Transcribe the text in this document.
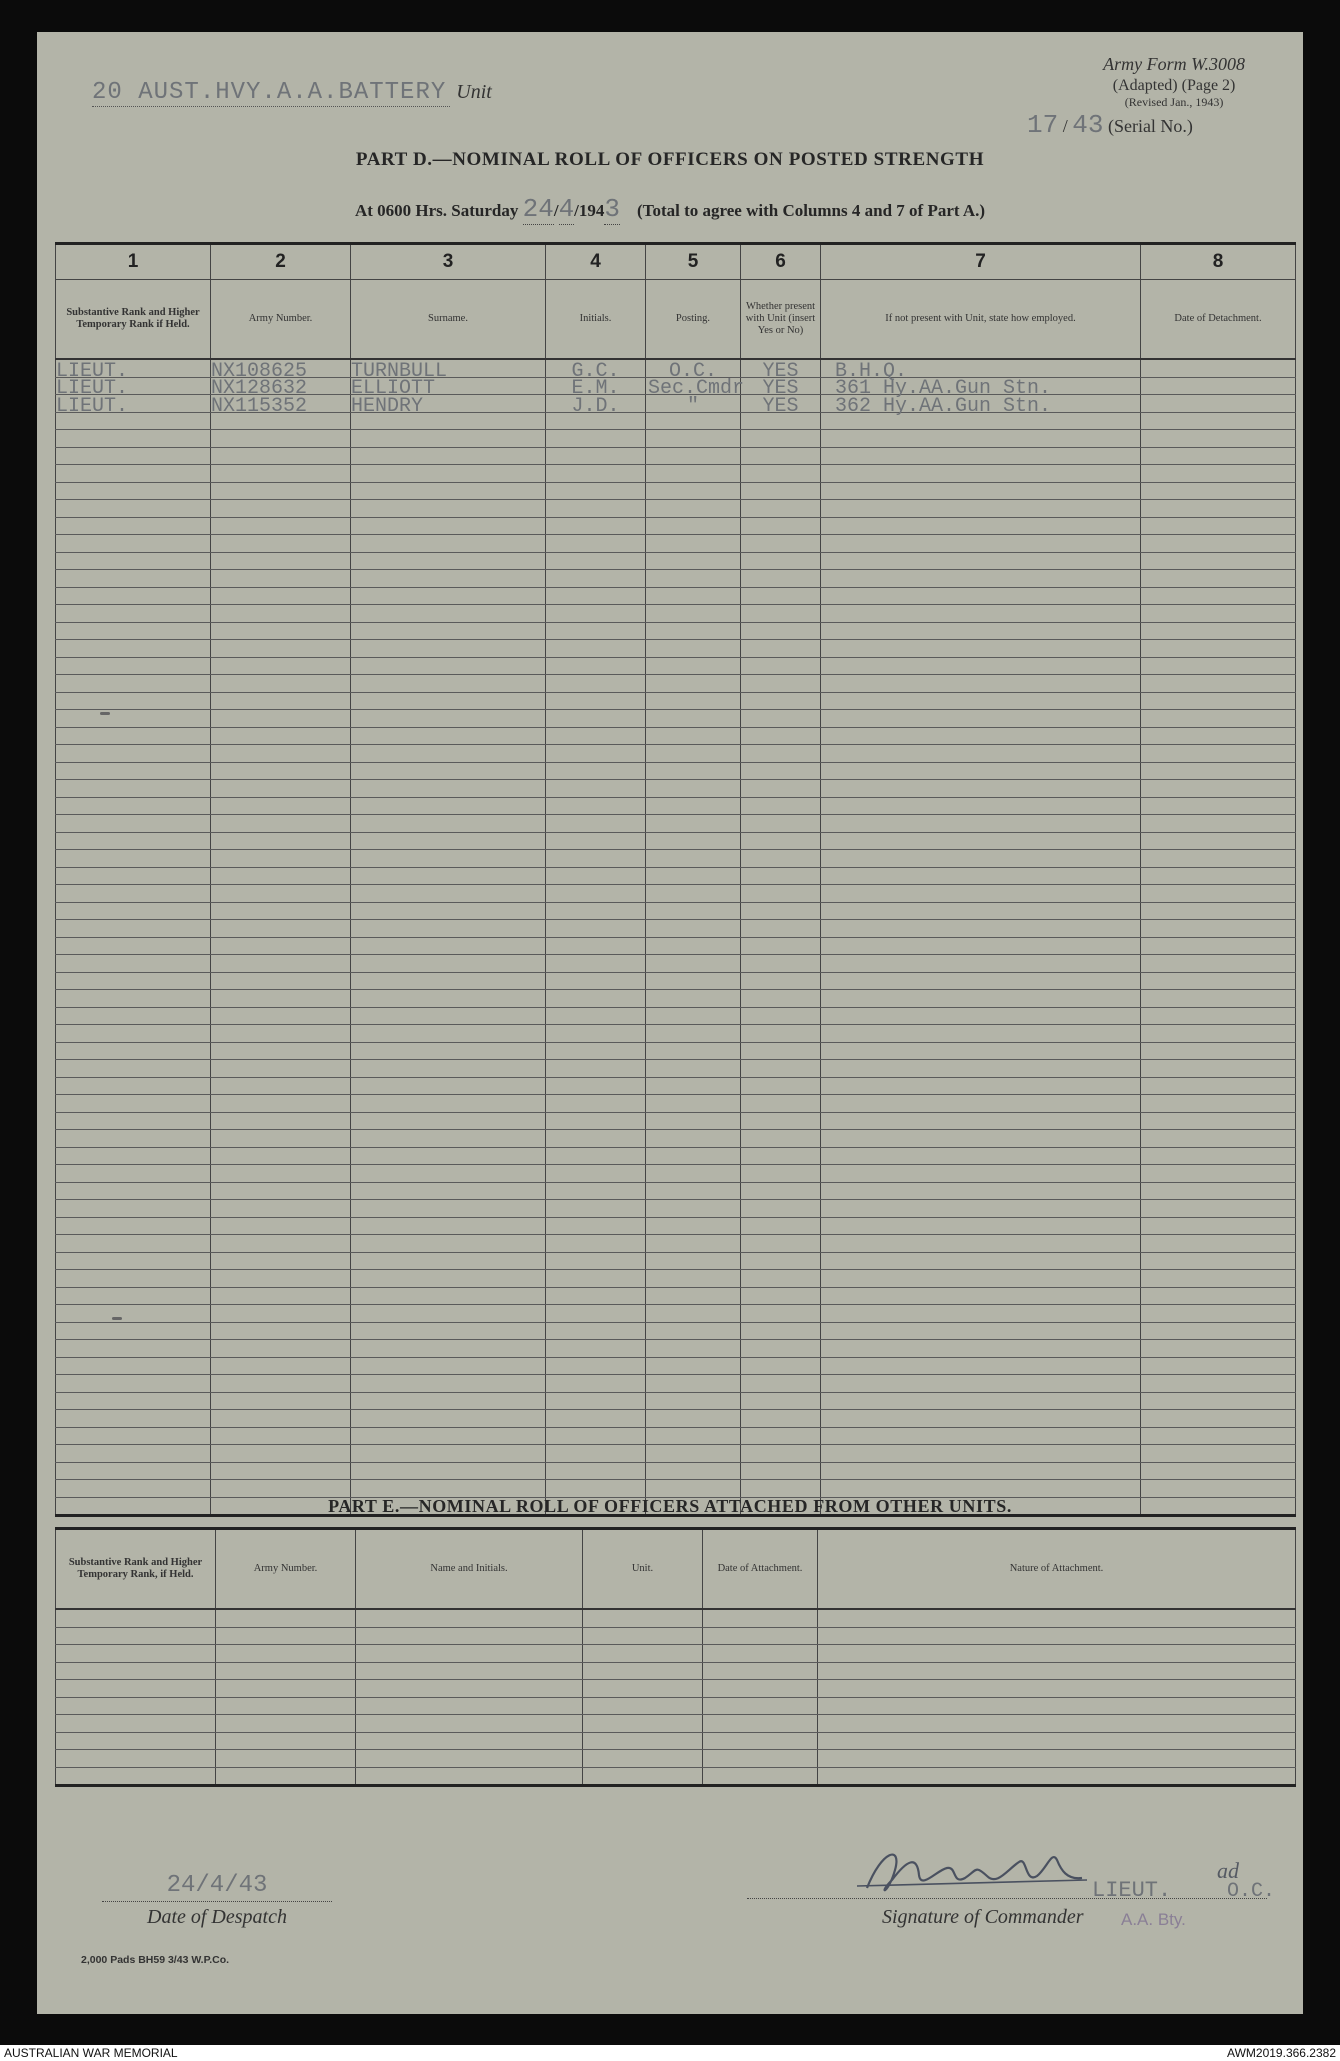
20 AUST.HVY.A.A.BATTERY Unit
Army Form W.3008
(Adapted) (Page 2)
(Revised Jan., 1943)
17 / 43 (Serial No.)
PART D.—NOMINAL ROLL OF OFFICERS ON POSTED STRENGTH
At 0600 Hrs. Saturday 24/4/1943 (Total to agree with Columns 4 and 7 of Part A.)
1	2	3	4	5	6	7	8
Substantive Rank and Higher Temporary Rank if Held.	Army Number.	Surname.	Initials.	Posting.	Whether present with Unit (insert Yes or No)	If not present with Unit, state how employed.	Date of Detachment.
LIEUT.	NX108625	TURNBULL	G.C.	O.C.	YES	B.H.Q.	
LIEUT.	NX128632	ELLIOTT	E.M.	Sec.Cmdr	YES	361 Hy.AA.Gun Stn.	
LIEUT.	NX115352	HENDRY	J.D.	"	YES	362 Hy.AA.Gun Stn.	

PART E.—NOMINAL ROLL OF OFFICERS ATTACHED FROM OTHER UNITS.
Substantive Rank and Higher Temporary Rank, if Held.	Army Number.	Name and Initials.	Unit.	Date of Attachment.	Nature of Attachment.

24/4/43
Date of Despatch
LIEUT.
ad
O.C.
Signature of Commander A.A. Bty.
2,000 Pads BH59 3/43 W.P.Co.
AUSTRALIAN WAR MEMORIAL	AWM2019.366.2382
